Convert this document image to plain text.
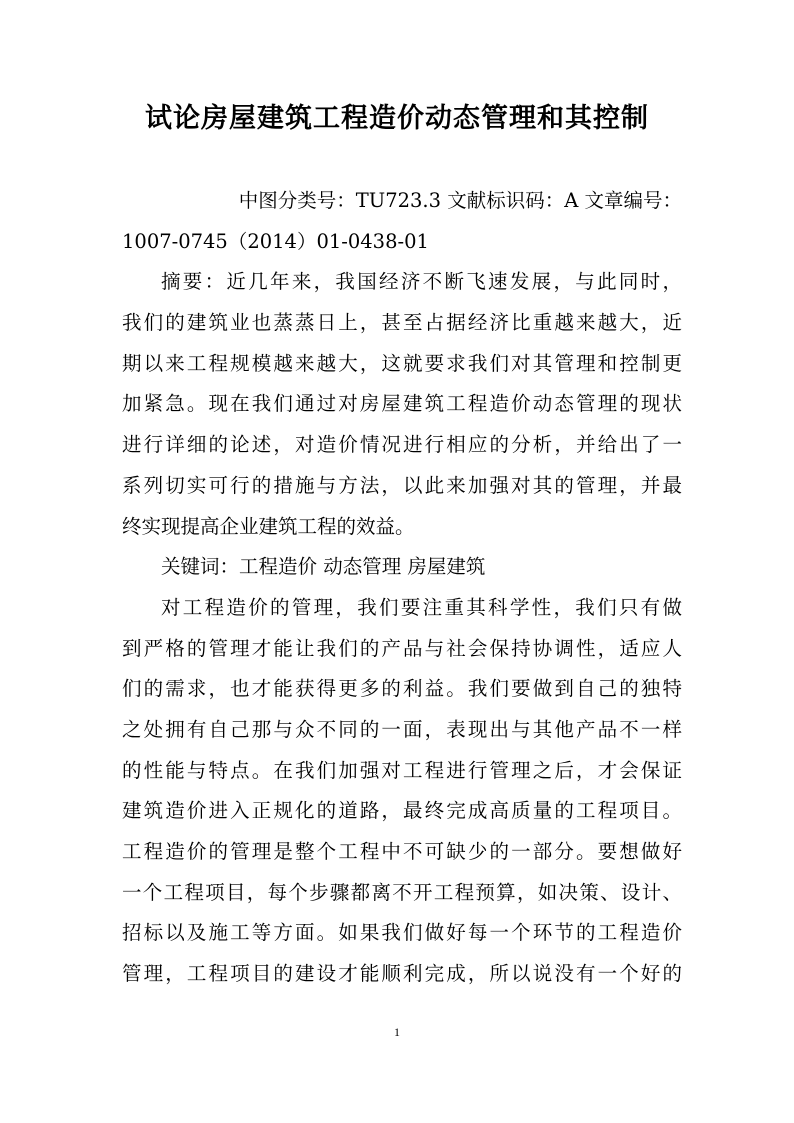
试论房屋建筑工程造价动态管理和其控制
中图分类号：TU723.3 文献标识码：A 文章编号：
1007-0745（2014）01-0438-01
摘要：近几年来，我国经济不断飞速发展，与此同时，
我们的建筑业也蒸蒸日上，甚至占据经济比重越来越大，近
期以来工程规模越来越大，这就要求我们对其管理和控制更
加紧急。现在我们通过对房屋建筑工程造价动态管理的现状
进行详细的论述，对造价情况进行相应的分析，并给出了一
系列切实可行的措施与方法，以此来加强对其的管理，并最
终实现提高企业建筑工程的效益。
关键词：工程造价 动态管理 房屋建筑
对工程造价的管理，我们要注重其科学性，我们只有做
到严格的管理才能让我们的产品与社会保持协调性，适应人
们的需求，也才能获得更多的利益。我们要做到自己的独特
之处拥有自己那与众不同的一面，表现出与其他产品不一样
的性能与特点。在我们加强对工程进行管理之后，才会保证
建筑造价进入正规化的道路，最终完成高质量的工程项目。
工程造价的管理是整个工程中不可缺少的一部分。要想做好
一个工程项目，每个步骤都离不开工程预算，如决策、设计、
招标以及施工等方面。如果我们做好每一个环节的工程造价
管理，工程项目的建设才能顺利完成，所以说没有一个好的
1
